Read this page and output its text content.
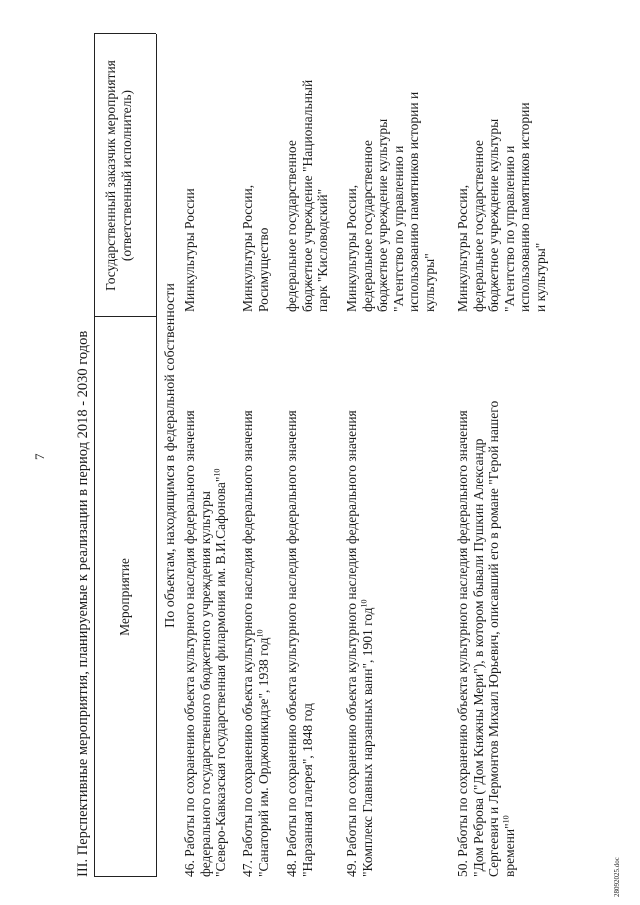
7 III. Перспективные мероприятия, планируемые к реализации в период 2018 - 2030 годов Мероприятие
Государственный заказчик мероприятия (ответственный исполнитель)
По объектам, находящимся в федеральной собственности 46. Работы по сохранению объекта культурного наследия федерального значения федерального государственного бюджетного учреждения культуры "Северо-Кавказская государственная филармония им. В.И.Сафонова"$^{10}$
Минкультуры России
47. Работы по сохранению объекта культурного наследия федерального значения "Санаторий им. Орджоникидзе", 1938 год$^{10}$
Минкультуры России, Росимущество
48. Работы по сохранению объекта культурного наследия федерального значения "Нарзанная галерея", 1848 год
федеральное государственное бюджетное учреждение "Национальный парк "Кисловодский"
49. Работы по сохранению объекта культурного наследия федерального значения "Комплекс Главных нарзанных ванн", 1901 год$^{10}$
Минкультуры России, федеральное государственное бюджетное учреждение культуры "Агентство по управлению и использованию памятников истории и культуры"
50. Работы по сохранению объекта культурного наследия федерального значения "Дом Реброва ("Дом Княжны Мери"), в котором бывали Пушкин Александр Сергеевич и Лермонтов Михаил Юрьевич, описавший его в романе "Герой нашего времени"$^{10}$
Минкультуры России, федеральное государственное бюджетное учреждение культуры "Агентство по управлению и использованию памятников истории и культуры"
28092025.doc
